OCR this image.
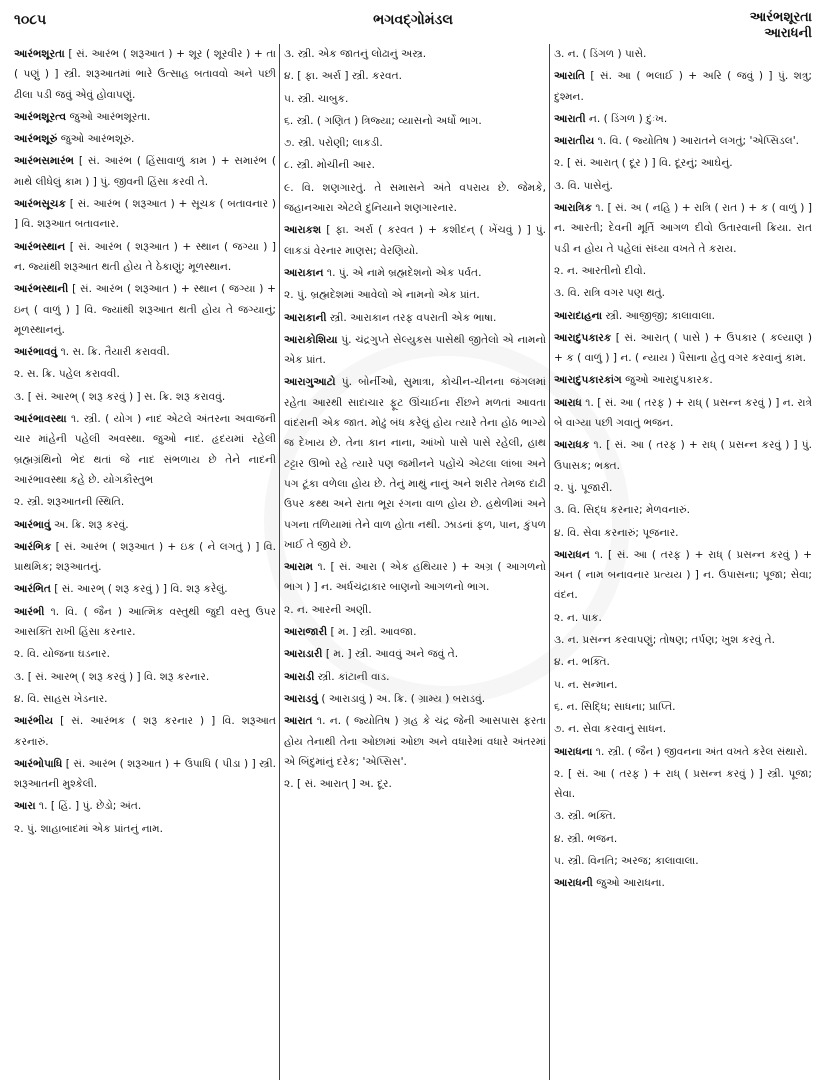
૧૦૮૫	ભગવદ્ગોમંડલ	આરંભશૂરતા
આરાધની
આરંભશૂરતા [ સં. આરંભ ( શરૂઆત ) + શૂર ( શૂરવીર ) + તા ( પણું ) ] સ્ત્રી. શરૂઆતમાં ભારે ઉત્સાહ બતાવવો અને પછી ઢીલા પડી જવું એવું હોવાપણું.
આરંભશૂરત્વ જુઓ આરંભશૂરતા.
આરંભશૂરું જુઓ આરંભશૂરું.
આરંભસમારંભ [ સં. આરંભ ( હિંસાવાળું કામ ) + સમારંભ ( માથે લીધેલું કામ ) ] પું. જીવની હિંસા કરવી તે.
આરંભસૂચક [ સં. આરંભ ( શરૂઆત ) + સૂચક ( બતાવનાર ) ] વિ. શરૂઆત બતાવનાર.
આરંભસ્થાન [ સં. આરંભ ( શરૂઆત ) + સ્થાન ( જગ્યા ) ] ન. જ્યાંથી શરૂઆત થતી હોય તે ઠેકાણું; મૂળસ્થાન.
આરંભસ્થાની [ સં. આરંભ ( શરૂઆત ) + સ્થાન ( જગ્યા ) + ઇન્ ( વાળું ) ] વિ. જ્યાંથી શરૂઆત થતી હોય તે જગ્યાનું; મૂળસ્થાનનું.
આરંભાવવું ૧. સ. ક્રિ. તૈયારી કરાવવી.
૨. સ. ક્રિ. પહેલ કરાવવી.
૩. [ સં. આરભ્ ( શરૂ કરવું ) ] સ. ક્રિ. શરૂ કરાવવું.
આરંભાવસ્થા ૧. સ્ત્રી. ( યોગ ) નાદ એટલે અંતરના અવાજની ચાર માંહેની પહેલી અવસ્થા. જુઓ નાદ. હૃદયમાં રહેલી બ્રહ્મગ્રંથિનો ભેદ થતાં જે નાદ સંભળાય છે તેને નાદની આરંભાવસ્થા કહે છે. યોગકૌસ્તુભ
૨. સ્ત્રી. શરૂઆતની સ્થિતિ.
આરંભાવું અ. ક્રિ. શરૂ કરવું.
આરંભિક [ સં. આરંભ ( શરૂઆત ) + ઇક ( ને લગતું ) ] વિ. પ્રાથમિક; શરૂઆતનું.
આરંભિત [ સં. આરભ્ ( શરૂ કરવું ) ] વિ. શરૂ કરેલું.
આરંભી ૧. વિ. ( જૈન ) આત્મિક વસ્તુથી જુદી વસ્તુ ઉપર આસક્તિ રાખી હિંસા કરનાર.
૨. વિ. યોજના ઘડનાર.
૩. [ સં. આરભ્ ( શરૂ કરવું ) ] વિ. શરૂ કરનાર.
૪. વિ. સાહસ ખેડનાર.
આરંભીય [ સં. આરંભક ( શરૂ કરનાર ) ] વિ. શરૂઆત કરનારું.
આરંભોપાધિ [ સં. આરંભ ( શરૂઆત ) + ઉપાધિ ( પીડા ) ] સ્ત્રી. શરૂઆતની મુશ્કેલી.
આરા ૧. [ હિં. ] પું. છેડો; અંત.
૨. પું. શાહાબાદમાં એક પ્રાંતનું નામ.
૩. સ્ત્રી. એક જાતનું લોઢાનું અસ્ત્ર.
૪. [ ફા. અર્રા ] સ્ત્રી. કરવત.
૫. સ્ત્રી. ચાબુક.
૬. સ્ત્રી. ( ગણિત ) ત્રિજ્યા; વ્યાસનો અર્ધો ભાગ.
૭. સ્ત્રી. પરોણી; લાકડી.
૮. સ્ત્રી. મોચીની આર.
૯. વિ. શણગારતું. તે સમાસને અંતે વપરાય છે. જેમકે, જહાનઆરા એટલે દુનિયાને શણગારનાર.
આરાકશ [ ફા. અર્રા ( કરવત ) + કશીદન્ ( ખેંચવું ) ] પું. લાકડાં વેરનાર માણસ; વેરણિયો.
આરાકાન ૧. પું. એ નામે બ્રહ્મદેશનો એક પર્વત.
૨. પું. બ્રહ્મદેશમાં આવેલો એ નામનો એક પ્રાંત.
આરાકાની સ્ત્રી. આરાકાન તરફ વપરાતી એક ભાષા.
આરાકોશિયા પું. ચંદ્રગુપ્તે સેલ્યુકસ પાસેથી જીતેલો એ નામનો એક પ્રાંત.
આરાગુઆટો પું. બોર્નીઓ, સુમાત્રા, કોચીન-ચીનના જંગલમાં રહેતા આરથી સાદાચાર ફૂટ ઊંચાઈના રીંછને મળતાં આવતા વાંદરાની એક જાત. મોઢું બંધ કરેલું હોય ત્યારે તેના હોઠ ભાગ્યે જ દેખાય છે. તેના કાન નાના, આંખો પાસે પાસે રહેલી, હાથ ટટ્ટાર ઊભો રહે ત્યારે પણ જમીનને પહોંચે એટલા લાંબા અને પગ ટૂંકા વળેલા હોય છે. તેનું માથું નાનું અને શરીર તેમજ દાઢી ઉપર કથ્થ અને રાતા ભૂરા રંગના વાળ હોય છે. હથેળીમાં અને પગના તળિયામાં તેને વાળ હોતા નથી. ઝાડનાં ફળ, પાન, કુંપળ ખાઈ તે જીવે છે.
આરામ ૧. [ સં. આરા ( એક હથિયાર ) + અગ્ર ( આગળનો ભાગ ) ] ન. અર્ધચંદ્રાકાર બાણનો આગળનો ભાગ.
૨. ન. આરની અણી.
આરાજારી [ મ. ] સ્ત્રી. આવજા.
આરાડારી [ મ. ] સ્ત્રી. આવવું અને જવું તે.
આરાડી સ્ત્રી. કાંટાની વાડ.
આરાડવું ( આરાડાવું ) અ. ક્રિ. ( ગ્રામ્ય ) બરાડવું.
આરાત ૧. ન. ( જ્યોતિષ ) ગ્રહ કે ચંદ્ર જેની આસપાસ ફરતા હોય તેનાથી તેના ઓછામાં ઓછા અને વધારેમાં વધારે અંતરમાં એ બિંદુમાંનું દરેક; 'એપ્સિસ'.
૨. [ સં. આરાત્ ] અ. દૂર.
૩. ન. ( ડિંગળ ) પાસે.
આરાતિ [ સં. આ ( ભલાઈ ) + અરિ ( જવું ) ] પું. શત્રુ; દુશ્મન.
આરાતી ન. ( ડિંગળ ) દુઃખ.
આરાતીય ૧. વિ. ( જ્યોતિષ ) આરાતને લગતું; 'એપ્સિડલ'.
૨. [ સં. આરાત્ ( દૂર ) ] વિ. દૂરનું; આઘેનું.
૩. વિ. પાસેનું.
આરાત્રિક ૧. [ સં. અ ( નહિ ) + રાત્રિ ( રાત ) + ક ( વાળું ) ] ન. આરતી; દેવની મૂર્તિ આગળ દીવો ઉતારવાની ક્રિયા. રાત પડી ન હોય તે પહેલાં સંધ્યા વખતે તે કરાય.
૨. ન. આરતીનો દીવો.
૩. વિ. રાત્રિ વગર પણ થતું.
આરાદાહના સ્ત્રી. આજીજી; કાલાવાલા.
આરાદુપકારક [ સં. આરાત્ ( પાસે ) + ઉપકાર ( કલ્યાણ ) + ક ( વાળું ) ] ન. ( ન્યાય ) પૈસાના હેતુ વગર કરવાનું કામ.
આરાદુપકારકાંગ જુઓ આરાદુપકારક.
આરાધ ૧. [ સં. આ ( તરફ ) + રાધ્ ( પ્રસન્ન કરવું ) ] ન. રાત્રે બે વાગ્યા પછી ગવાતું ભજન.
આરાધક ૧. [ સં. આ ( તરફ ) + રાધ્ ( પ્રસન્ન કરવું ) ] પું. ઉપાસક; ભક્ત.
૨. પું. પૂજારી.
૩. વિ. સિદ્ધ કરનાર; મેળવનારું.
૪. વિ. સેવા કરનારું; પૂજનાર.
આરાધન ૧. [ સં. આ ( તરફ ) + રાધ્ ( પ્રસન્ન કરવું ) + અન ( નામ બનાવનાર પ્રત્યય ) ] ન. ઉપાસના; પૂજા; સેવા; વંદન.
૨. ન. પાક.
૩. ન. પ્રસન્ન કરવાપણું; તોષણ; તર્પણ; ખુશ કરવું તે.
૪. ન. ભક્તિ.
૫. ન. સન્માન.
૬. ન. સિદ્ધિ; સાધના; પ્રાપ્તિ.
૭. ન. સેવા કરવાનું સાધન.
આરાધના ૧. સ્ત્રી. ( જૈન ) જીવનના અંત વખતે કરેલ સંથારો.
૨. [ સં. આ ( તરફ ) + રાધ્ ( પ્રસન્ન કરવું ) ] સ્ત્રી. પૂજા; સેવા.
૩. સ્ત્રી. ભક્તિ.
૪. સ્ત્રી. ભજન.
૫. સ્ત્રી. વિનતિ; અરજ; કાલાવાલા.
આરાધની જુઓ આરાધના.
